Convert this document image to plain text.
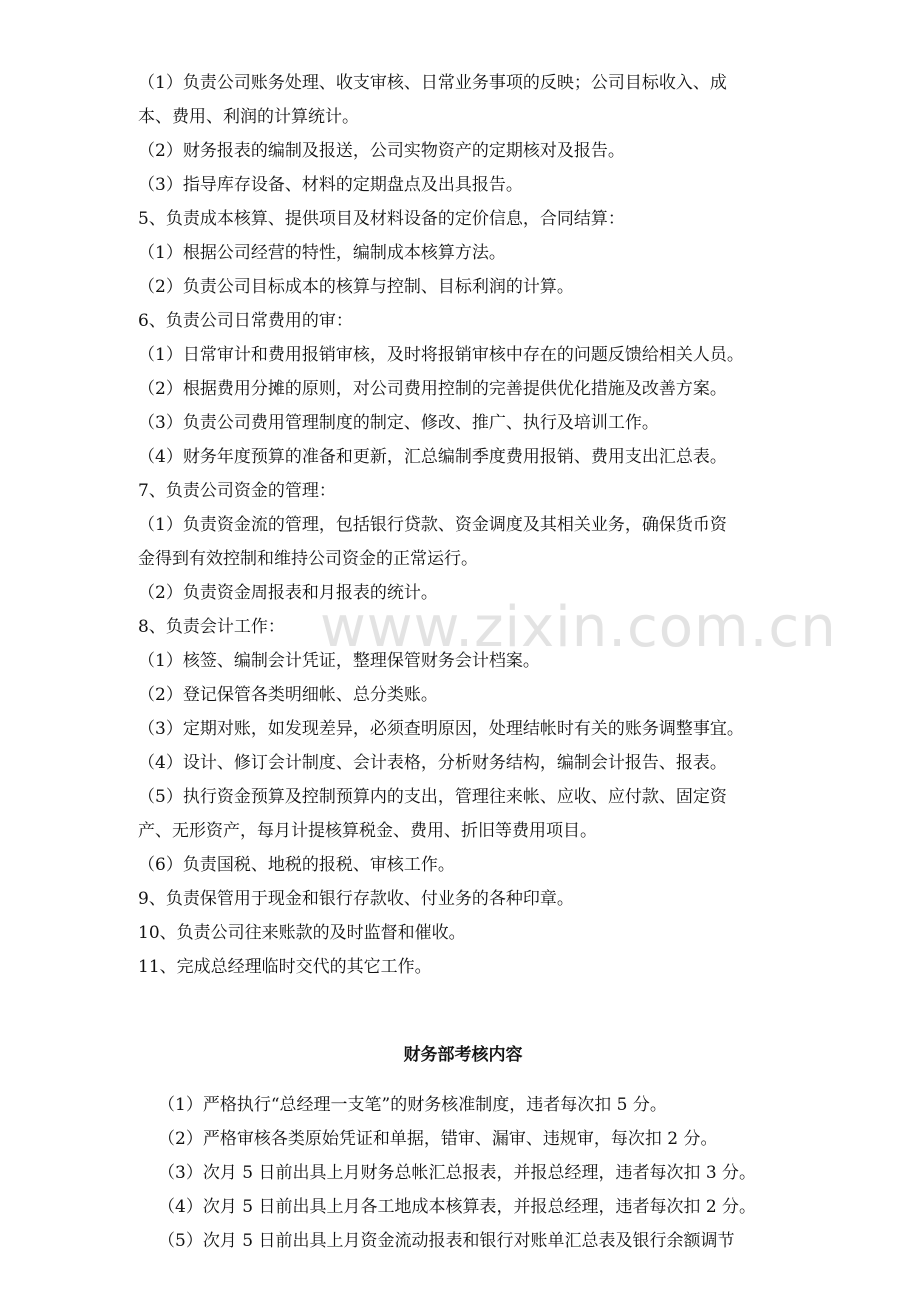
www.zixin.com.cn

（1）负责公司账务处理、收支审核、日常业务事项的反映；公司目标收入、成

本、费用、利润的计算统计。

（2）财务报表的编制及报送，公司实物资产的定期核对及报告。

（3）指导库存设备、材料的定期盘点及出具报告。

5、负责成本核算、提供项目及材料设备的定价信息，合同结算：

（1）根据公司经营的特性，编制成本核算方法。

（2）负责公司目标成本的核算与控制、目标利润的计算。

6、负责公司日常费用的审：

（1）日常审计和费用报销审核，及时将报销审核中存在的问题反馈给相关人员。

（2）根据费用分摊的原则，对公司费用控制的完善提供优化措施及改善方案。

（3）负责公司费用管理制度的制定、修改、推广、执行及培训工作。

（4）财务年度预算的准备和更新，汇总编制季度费用报销、费用支出汇总表。

7、负责公司资金的管理：

（1）负责资金流的管理，包括银行贷款、资金调度及其相关业务，确保货币资

金得到有效控制和维持公司资金的正常运行。

（2）负责资金周报表和月报表的统计。

8、负责会计工作：

（1）核签、编制会计凭证，整理保管财务会计档案。

（2）登记保管各类明细帐、总分类账。

（3）定期对账，如发现差异，必须查明原因，处理结帐时有关的账务调整事宜。

（4）设计、修订会计制度、会计表格，分析财务结构，编制会计报告、报表。

（5）执行资金预算及控制预算内的支出，管理往来帐、应收、应付款、固定资

产、无形资产，每月计提核算税金、费用、折旧等费用项目。

（6）负责国税、地税的报税、审核工作。

9、负责保管用于现金和银行存款收、付业务的各种印章。

10、负责公司往来账款的及时监督和催收。

11、完成总经理临时交代的其它工作。

财务部考核内容

（1）严格执行“总经理一支笔”的财务核准制度，违者每次扣 5 分。

（2）严格审核各类原始凭证和单据，错审、漏审、违规审，每次扣 2 分。

（3）次月 5 日前出具上月财务总帐汇总报表，并报总经理，违者每次扣 3 分。

（4）次月 5 日前出具上月各工地成本核算表，并报总经理，违者每次扣 2 分。

（5）次月 5 日前出具上月资金流动报表和银行对账单汇总表及银行余额调节
